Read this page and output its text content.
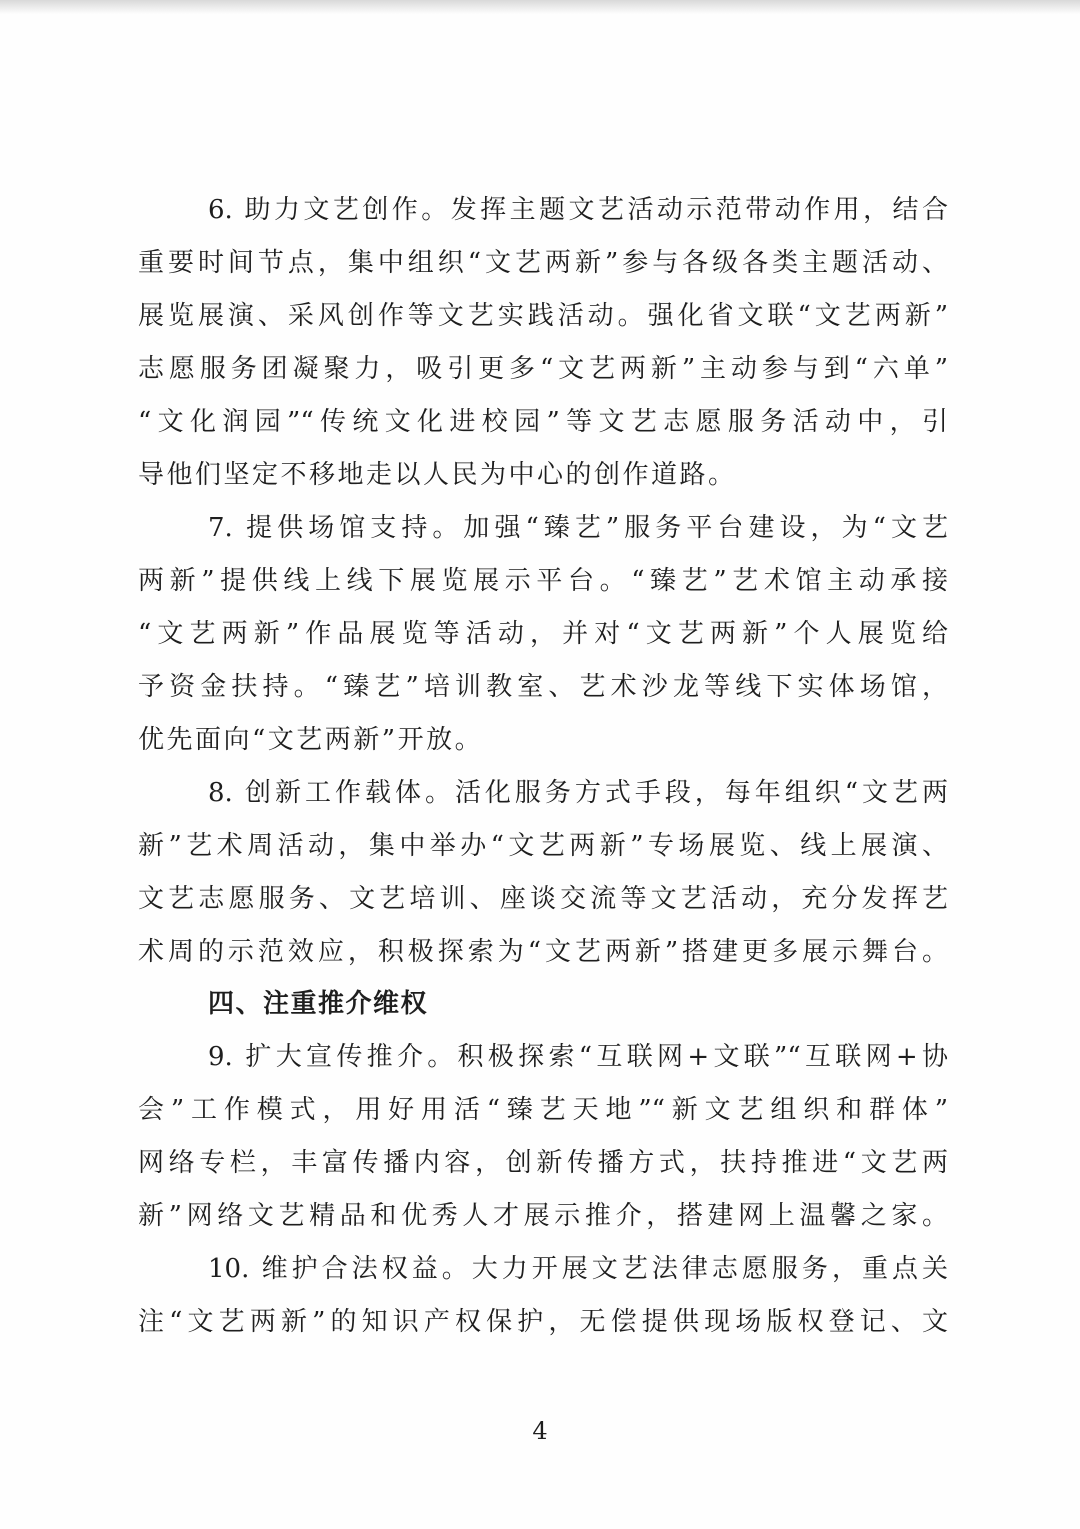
6. 助力文艺创作。发挥主题文艺活动示范带动作用，结合
重要时间节点，集中组织“文艺两新”参与各级各类主题活动、
展览展演、采风创作等文艺实践活动。强化省文联“文艺两新”
志愿服务团凝聚力，吸引更多“文艺两新”主动参与到“六单”
“文化润园”“传统文化进校园”等文艺志愿服务活动中，引
导他们坚定不移地走以人民为中心的创作道路。
7. 提供场馆支持。加强“臻艺”服务平台建设，为“文艺
两新”提供线上线下展览展示平台。“臻艺”艺术馆主动承接
“文艺两新”作品展览等活动，并对“文艺两新”个人展览给
予资金扶持。“臻艺”培训教室、艺术沙龙等线下实体场馆，
优先面向“文艺两新”开放。
8. 创新工作载体。活化服务方式手段，每年组织“文艺两
新”艺术周活动，集中举办“文艺两新”专场展览、线上展演、
文艺志愿服务、文艺培训、座谈交流等文艺活动，充分发挥艺
术周的示范效应，积极探索为“文艺两新”搭建更多展示舞台。
四、注重推介维权
9. 扩大宣传推介。积极探索“互联网+文联”“互联网+协
会”工作模式，用好用活“臻艺天地”“新文艺组织和群体”
网络专栏，丰富传播内容，创新传播方式，扶持推进“文艺两
新”网络文艺精品和优秀人才展示推介，搭建网上温馨之家。
10. 维护合法权益。大力开展文艺法律志愿服务，重点关
注“文艺两新”的知识产权保护，无偿提供现场版权登记、文
4
